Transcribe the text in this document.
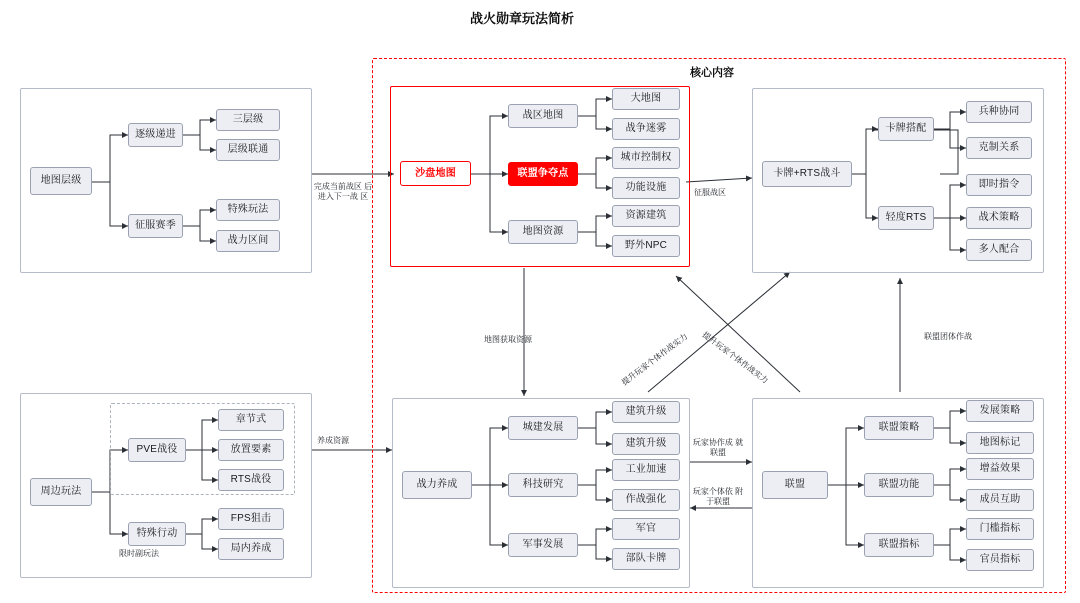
战火勋章玩法简析
核心内容
地图层级
逐级递进
征服赛季
三层级
层级联通
特殊玩法
战力区间
沙盘地图
战区地图
联盟争夺点
地图资源
大地图
战争迷雾
城市控制权
功能设施
资源建筑
野外NPC
卡牌+RTS战斗
卡牌搭配
轻度RTS
兵种协同
克制关系
即时指令
战术策略
多人配合
周边玩法
PVE战役
特殊行动
章节式
放置要素
RTS战役
FPS狙击
局内养成
限时副玩法
战力养成
城建发展
科技研究
军事发展
建筑升级
建筑升级
工业加速
作战强化
军官
部队卡牌
联盟
联盟策略
联盟功能
联盟指标
发展策略
地图标记
增益效果
成员互助
门槛指标
官员指标
完成当前战区 后进入下一战 区
地图获取资源
征服战区
养成资源
提升玩家个体作战实力 提升玩家个体作战实力
玩家协作成 就联盟
玩家个体依 附于联盟
联盟团体作战
